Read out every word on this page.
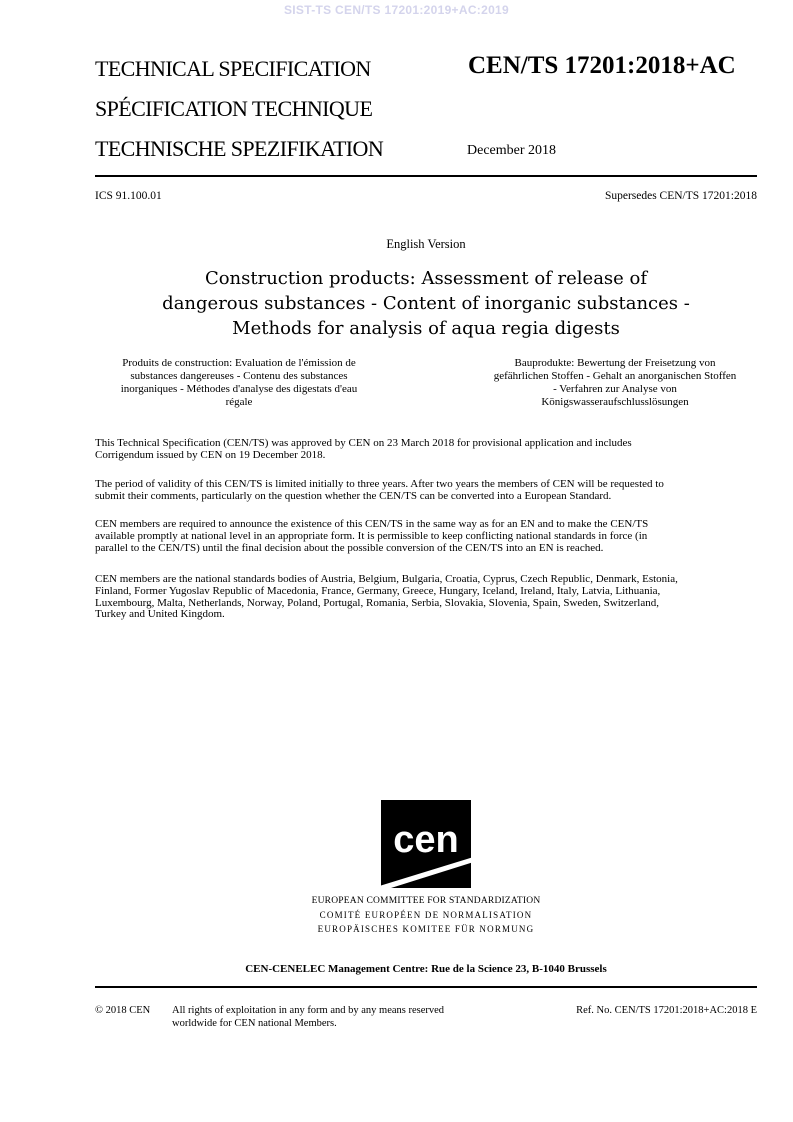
SIST-TS CEN/TS 17201:2019+AC:2019
TECHNICAL SPECIFICATION
SPÉCIFICATION TECHNIQUE
TECHNISCHE SPEZIFIKATION
CEN/TS 17201:2018+AC
December 2018
ICS 91.100.01	Supersedes CEN/TS 17201:2018
English Version
Construction products: Assessment of release of
dangerous substances - Content of inorganic substances -
Methods for analysis of aqua regia digests
Produits de construction: Evaluation de l'émission de
substances dangereuses - Contenu des substances
inorganiques - Méthodes d'analyse des digestats d'eau
régale
Bauprodukte: Bewertung der Freisetzung von
gefährlichen Stoffen - Gehalt an anorganischen Stoffen
- Verfahren zur Analyse von
Königswasseraufschlusslösungen
This Technical Specification (CEN/TS) was approved by CEN on 23 March 2018 for provisional application and includes
Corrigendum issued by CEN on 19 December 2018.
The period of validity of this CEN/TS is limited initially to three years. After two years the members of CEN will be requested to
submit their comments, particularly on the question whether the CEN/TS can be converted into a European Standard.
CEN members are required to announce the existence of this CEN/TS in the same way as for an EN and to make the CEN/TS
available promptly at national level in an appropriate form. It is permissible to keep conflicting national standards in force (in
parallel to the CEN/TS) until the final decision about the possible conversion of the CEN/TS into an EN is reached.
CEN members are the national standards bodies of Austria, Belgium, Bulgaria, Croatia, Cyprus, Czech Republic, Denmark, Estonia,
Finland, Former Yugoslav Republic of Macedonia, France, Germany, Greece, Hungary, Iceland, Ireland, Italy, Latvia, Lithuania,
Luxembourg, Malta, Netherlands, Norway, Poland, Portugal, Romania, Serbia, Slovakia, Slovenia, Spain, Sweden, Switzerland,
Turkey and United Kingdom.
cen
EUROPEAN COMMITTEE FOR STANDARDIZATION
COMITÉ EUROPÉEN DE NORMALISATION
EUROPÄISCHES KOMITEE FÜR NORMUNG
CEN-CENELEC Management Centre: Rue de la Science 23, B-1040 Brussels
© 2018 CEN All rights of exploitation in any form and by any means reserved
worldwide for CEN national Members.
Ref. No. CEN/TS 17201:2018+AC:2018 E
